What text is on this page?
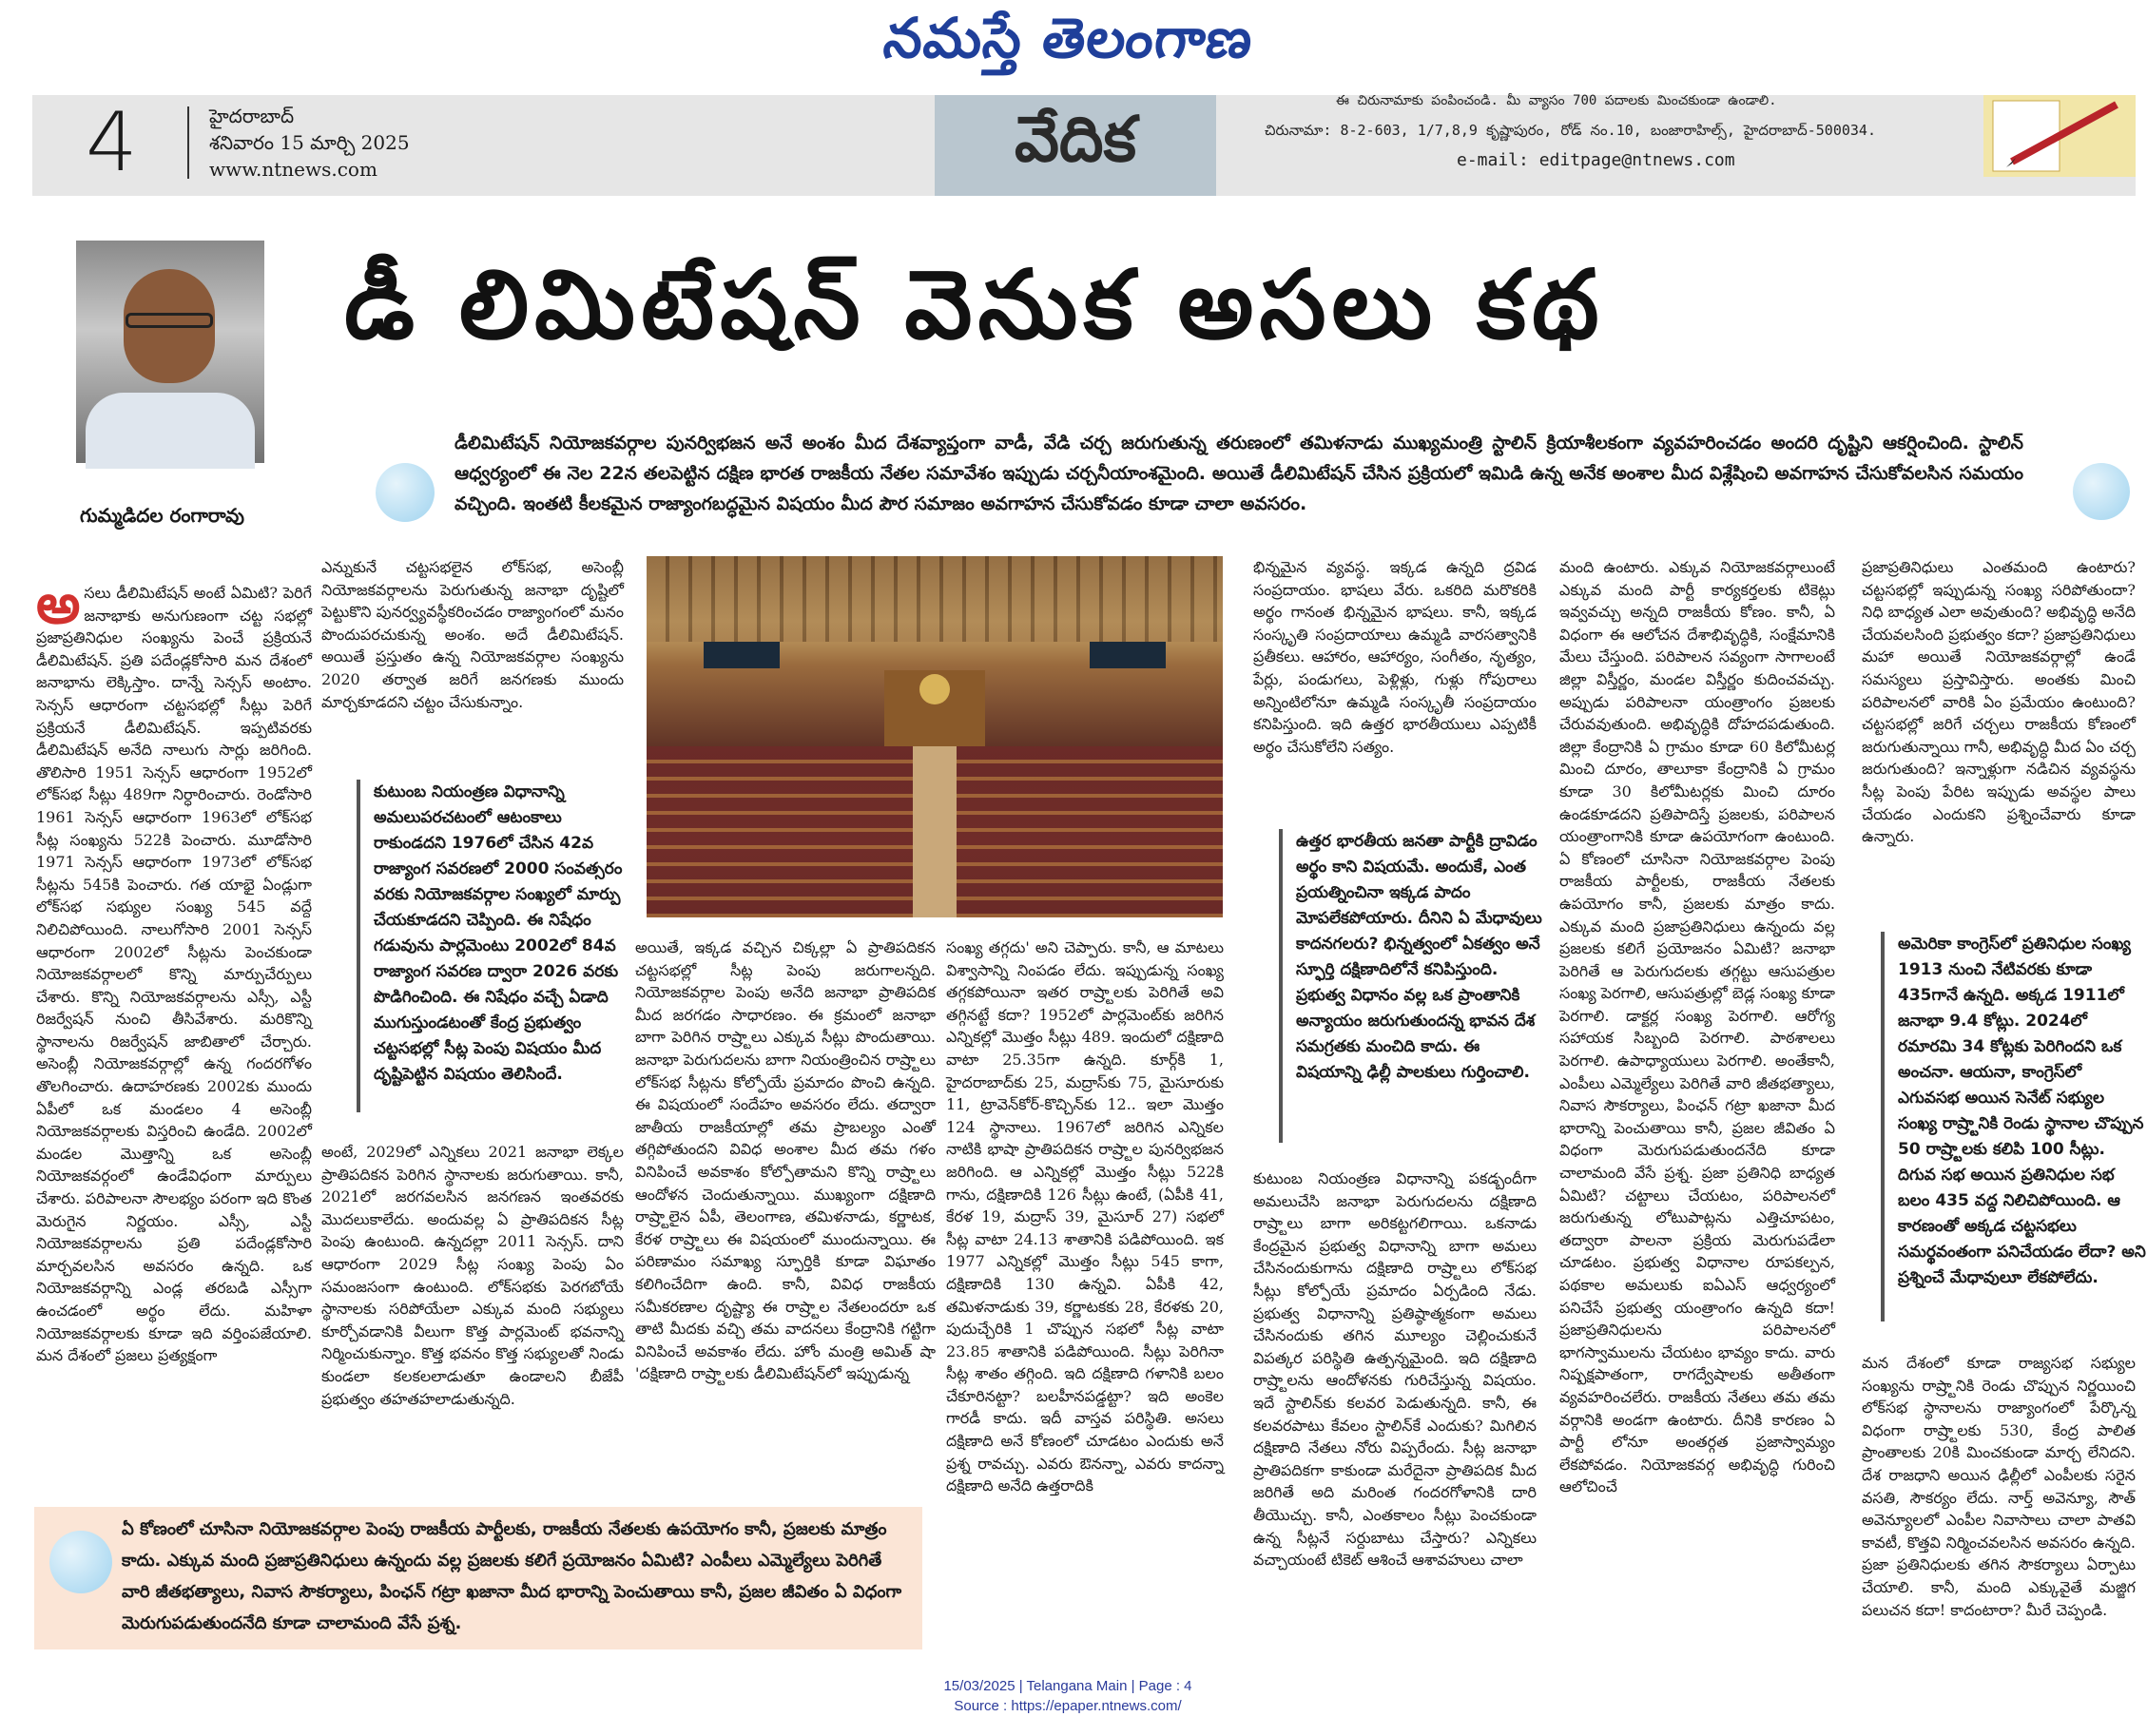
నమస్తే తెలంగాణ
4	హైదరాబాద్
శనివారం 15 మార్చి 2025
www.ntnews.com	వేదిక
ఈ చిరునామాకు పంపించండి. మీ వ్యాసం 700 పదాలకు మించకుండా ఉండాలి.
చిరునామా: 8-2-603, 1/7,8,9 కృష్ణాపురం, రోడ్ నం.10, బంజారాహిల్స్, హైదరాబాద్-500034.
e-mail: editpage@ntnews.com
గుమ్మడిదల రంగారావు
డీ లిమిటేషన్ వెనుక అసలు కథ
డీలిమిటేషన్ నియోజకవర్గాల పునర్విభజన అనే అంశం మీద దేశవ్యాప్తంగా వాడీ, వేడి చర్చ జరుగుతున్న తరుణంలో తమిళనాడు ముఖ్యమంత్రి స్టాలిన్ క్రియాశీలకంగా వ్యవహరించడం అందరి దృష్టిని ఆకర్షించింది. స్టాలిన్ ఆధ్వర్యంలో ఈ నెల 22న తలపెట్టిన దక్షిణ భారత రాజకీయ నేతల సమావేశం ఇప్పుడు చర్చనీయాంశమైంది. అయితే డీలిమిటేషన్ చేసిన ప్రక్రియలో ఇమిడి ఉన్న అనేక అంశాల మీద విశ్లేషించి అవగాహన చేసుకోవలసిన సమయం వచ్చింది. ఇంతటి కీలకమైన రాజ్యాంగబద్ధమైన విషయం మీద పౌర సమాజం అవగాహన చేసుకోవడం కూడా చాలా అవసరం.

అసలు డీలిమిటేషన్ అంటే ఏమిటి? పెరిగే జనాభాకు అనుగుణంగా చట్ట సభల్లో ప్రజాప్రతినిధుల సంఖ్యను పెంచే ప్రక్రియనే డీలిమిటేషన్. ప్రతి పదేండ్లకోసారి మన దేశంలో జనాభాను లెక్కిస్తాం. దాన్నే సెన్సస్ అంటాం. సెన్సస్ ఆధారంగా చట్టసభల్లో సీట్లు పెరిగే ప్రక్రియనే డీలిమిటేషన్. ఇప్పటివరకు డీలిమిటేషన్ అనేది నాలుగు సార్లు జరిగింది. తొలిసారి 1951 సెన్సస్ ఆధారంగా 1952లో లోక్‌సభ సీట్లు 489గా నిర్ధారించారు. రెండోసారి 1961 సెన్సస్ ఆధారంగా 1963లో లోక్‌సభ సీట్ల సంఖ్యను 522కి పెంచారు. మూడోసారి 1971 సెన్సస్ ఆధారంగా 1973లో లోక్‌సభ సీట్లను 545కి పెంచారు. గత యాభై ఏండ్లుగా లోక్‌సభ సభ్యుల సంఖ్య 545 వద్దే నిలిచిపోయింది. నాలుగోసారి 2001 సెన్సస్ ఆధారంగా 2002లో సీట్లను పెంచకుండా నియోజకవర్గాలలో కొన్ని మార్పుచేర్పులు చేశారు. కొన్ని నియోజకవర్గాలను ఎస్సీ, ఎస్టీ రిజర్వేషన్ నుంచి తీసివేశారు. మరికొన్ని స్థానాలను రిజర్వేషన్ జాబితాలో చేర్చారు. అసెంబ్లీ నియోజకవర్గాల్లో ఉన్న గందరగోళం తొలగించారు. ఉదాహరణకు 2002కు ముందు ఏపీలో ఒక మండలం 4 అసెంబ్లీ నియోజకవర్గాలకు విస్తరించి ఉండేది. 2002లో మండల మొత్తాన్ని ఒక అసెంబ్లీ నియోజకవర్గంలో ఉండేవిధంగా మార్పులు చేశారు. పరిపాలనా సౌలభ్యం పరంగా ఇది కొంత మెరుగైన నిర్ణయం. ఎస్సీ, ఎస్టీ నియోజకవర్గాలను ప్రతి పదేండ్లకోసారి మార్చవలసిన అవసరం ఉన్నది. ఒక నియోజకవర్గాన్ని ఎండ్ల తరబడి ఎస్సీగా ఉంచడంలో అర్థం లేదు. మహిళా నియోజకవర్గాలకు కూడా ఇది వర్తింపజేయాలి. మన దేశంలో ప్రజలు ప్రత్యక్షంగా

ఎన్నుకునే చట్టసభలైన లోక్‌సభ, అసెంబ్లీ నియోజకవర్గాలను పెరుగుతున్న జనాభా దృష్టిలో పెట్టుకొని పునర్వ్యవస్థీకరించడం రాజ్యాంగంలో మనం పొందుపరచుకున్న అంశం. అదే డీలిమిటేషన్. అయితే ప్రస్తుతం ఉన్న నియోజకవర్గాల సంఖ్యను 2020 తర్వాత జరిగే జనగణకు ముందు మార్చకూడదని చట్టం చేసుకున్నాం.

కుటుంబ నియంత్రణ విధానాన్ని అమలుపరచటంలో ఆటంకాలు రాకుండదని 1976లో చేసిన 42వ రాజ్యాంగ సవరణలో 2000 సంవత్సరం వరకు నియోజకవర్గాల సంఖ్యలో మార్పు చేయకూడదని చెప్పింది. ఈ నిషేధం గడువును పార్లమెంటు 2002లో 84వ రాజ్యాంగ సవరణ ద్వారా 2026 వరకు పొడిగించింది. ఈ నిషేధం వచ్చే ఏడాది ముగుస్తుండటంతో కేంద్ర ప్రభుత్వం చట్టసభల్లో సీట్ల పెంపు విషయం మీద దృష్టిపెట్టిన విషయం తెలిసిందే.

అంటే, 2029లో ఎన్నికలు 2021 జనాభా లెక్కల ప్రాతిపదికన పెరిగిన స్థానాలకు జరుగుతాయి. కానీ, 2021లో జరగవలసిన జనగణన ఇంతవరకు మొదలుకాలేదు. అందువల్ల ఏ ప్రాతిపదికన సీట్ల పెంపు ఉంటుంది. ఉన్నదల్లా 2011 సెన్సస్. దాని ఆధారంగా 2029 సీట్ల సంఖ్య పెంపు ఏం సమంజసంగా ఉంటుంది. లోక్‌సభకు పెరగబోయే స్థానాలకు సరిపోయేలా ఎక్కువ మంది సభ్యులు కూర్చోవడానికి వీలుగా కొత్త పార్లమెంట్ భవనాన్ని నిర్మించుకున్నాం. కొత్త భవనం కొత్త సభ్యులతో నిండు కుండలా కలకలలాడుతూ ఉండాలని బీజేపీ ప్రభుత్వం తహతహలాడుతున్నది.

అయితే, ఇక్కడ వచ్చిన చిక్కల్లా ఏ ప్రాతిపదికన చట్టసభల్లో సీట్ల పెంపు జరుగాలన్నది. నియోజకవర్గాల పెంపు అనేది జనాభా ప్రాతిపదిక మీద జరగడం సాధారణం. ఈ క్రమంలో జనాభా బాగా పెరిగిన రాష్ర్టాలు ఎక్కువ సీట్లు పొందుతాయి. జనాభా పెరుగుదలను బాగా నియంత్రించిన రాష్ర్టాలు లోక్‌సభ సీట్లను కోల్పోయే ప్రమాదం పొంచి ఉన్నది. ఈ విషయంలో సందేహం అవసరం లేదు. తద్వారా జాతీయ రాజకీయాల్లో తమ ప్రాబల్యం ఎంతో తగ్గిపోతుందని వివిధ అంశాల మీద తమ గళం వినిపించే అవకాశం కోల్పోతామని కొన్ని రాష్ర్టాలు ఆందోళన చెందుతున్నాయి. ముఖ్యంగా దక్షిణాది రాష్ర్టాలైన ఏపీ, తెలంగాణ, తమిళనాడు, కర్ణాటక, కేరళ రాష్ర్టాలు ఈ విషయంలో ముందున్నాయి. ఈ పరిణామం సమాఖ్య స్ఫూర్తికి కూడా విఘాతం కలిగించేదిగా ఉంది. కానీ, వివిధ రాజకీయ సమీకరణాల దృష్ట్యా ఈ రాష్ర్టాల నేతలందరూ ఒక తాటి మీదకు వచ్చి తమ వాదనలు కేంద్రానికి గట్టిగా వినిపించే అవకాశం లేదు. హోం మంత్రి అమిత్ షా 'దక్షిణాది రాష్ర్టాలకు డీలిమిటేషన్‌లో ఇప్పుడున్న

సంఖ్య తగ్గదు' అని చెప్పారు. కానీ, ఆ మాటలు విశ్వాసాన్ని నింపడం లేదు. ఇప్పుడున్న సంఖ్య తగ్గకపోయినా ఇతర రాష్ర్టాలకు పెరిగితే అవి తగ్గినట్టే కదా? 1952లో పార్లమెంట్‌కు జరిగిన ఎన్నికల్లో మొత్తం సీట్లు 489. ఇందులో దక్షిణాది వాటా 25.35గా ఉన్నది. కూర్గ్‌కి 1, హైదరాబాద్‌కు 25, మద్రాస్‌కు 75, మైసూరుకు 11, ట్రావెన్‌కోర్-కొచ్చిన్‌కు 12.. ఇలా మొత్తం 124 స్థానాలు. 1967లో జరిగిన ఎన్నికల నాటికి భాషా ప్రాతిపదికన రాష్ర్టాల పునర్విభజన జరిగింది. ఆ ఎన్నికల్లో మొత్తం సీట్లు 522కి గాను, దక్షిణాదికి 126 సీట్లు ఉంటే, (ఏపీకి 41, కేరళ 19, మద్రాస్ 39, మైసూర్ 27) సభలో సీట్ల వాటా 24.13 శాతానికి పడిపోయింది. ఇక 1977 ఎన్నికల్లో మొత్తం సీట్లు 545 కాగా, దక్షిణాదికి 130 ఉన్నవి. ఏపీకి 42, తమిళనాడుకు 39, కర్ణాటకకు 28, కేరళకు 20, పుదుచ్చేరికి 1 చొప్పున సభలో సీట్ల వాటా 23.85 శాతానికి పడిపోయింది. సీట్లు పెరిగినా సీట్ల శాతం తగ్గింది. ఇది దక్షిణాది గళానికి బలం చేకూరినట్టా? బలహీనపడ్డట్టా? ఇది అంకెల గారడీ కాదు. ఇదీ వాస్తవ పరిస్థితి. అసలు దక్షిణాది అనే కోణంలో చూడటం ఎందుకు అనే ప్రశ్న రావచ్చు. ఎవరు ఔనన్నా, ఎవరు కాదన్నా దక్షిణాది అనేది ఉత్తరాదికి

భిన్నమైన వ్యవస్థ. ఇక్కడ ఉన్నది ద్రవిడ సంప్రదాయం. భాషలు వేరు. ఒకరిది మరొకరికి అర్థం గానంత భిన్నమైన భాషలు. కానీ, ఇక్కడ సంస్కృతి సంప్రదాయాలు ఉమ్మడి వారసత్వానికి ప్రతీకలు. ఆహారం, ఆహార్యం, సంగీతం, నృత్యం, పేర్లు, పండుగలు, పెళ్లిళ్లు, గుళ్లు గోపురాలు అన్నింటిలోనూ ఉమ్మడి సంస్కృతీ సంప్రదాయం కనిపిస్తుంది. ఇది ఉత్తర భారతీయులు ఎప్పటికీ అర్థం చేసుకోలేని సత్యం.

ఉత్తర భారతీయ జనతా పార్టీకి ద్రావిడం అర్థం కాని విషయమే. అందుకే, ఎంత ప్రయత్నించినా ఇక్కడ పాదం మోపలేకపోయారు. దీనిని ఏ మేధావులు కాదనగలరు? భిన్నత్వంలో ఏకత్వం అనే స్ఫూర్తి దక్షిణాదిలోనే కనిపిస్తుంది. ప్రభుత్వ విధానం వల్ల ఒక ప్రాంతానికి అన్యాయం జరుగుతుందన్న భావన దేశ సమగ్రతకు మంచిది కాదు. ఈ విషయాన్ని ఢిల్లీ పాలకులు గుర్తించాలి.

కుటుంబ నియంత్రణ విధానాన్ని పకడ్బందీగా అమలుచేసి జనాభా పెరుగుదలను దక్షిణాది రాష్ర్టాలు బాగా అరికట్టగలిగాయి. ఒకనాడు కేంద్రమైన ప్రభుత్వ విధానాన్ని బాగా అమలు చేసినందుకుగాను దక్షిణాది రాష్ర్టాలు లోక్‌సభ సీట్లు కోల్పోయే ప్రమాదం ఏర్పడింది నేడు. ప్రభుత్వ విధానాన్ని ప్రతిష్ఠాత్మకంగా అమలు చేసినందుకు తగిన మూల్యం చెల్లించుకునే విపత్కర పరిస్థితి ఉత్పన్నమైంది. ఇది దక్షిణాది రాష్ర్టాలను ఆందోళనకు గురిచేస్తున్న విషయం. ఇదే స్టాలిన్‌కు కలవర పెడుతున్నది. కానీ, ఈ కలవరపాటు కేవలం స్టాలిన్‌కే ఎందుకు? మిగిలిన దక్షిణాది నేతలు నోరు విప్పరేందు. సీట్ల జనాభా ప్రాతిపదికగా కాకుండా మరేదైనా ప్రాతిపదిక మీద జరిగితే అది మరింత గందరగోళానికి దారి తీయొచ్చు. కానీ, ఎంతకాలం సీట్లు పెంచకుండా ఉన్న సీట్లనే సర్దుబాటు చేస్తారు? ఎన్నికలు వచ్చాయంటే టికెట్ ఆశించే ఆశావహులు చాలా

మంది ఉంటారు. ఎక్కువ నియోజకవర్గాలుంటే ఎక్కువ మంది పార్టీ కార్యకర్తలకు టికెట్లు ఇవ్వవచ్చు అన్నది రాజకీయ కోణం. కానీ, ఏ విధంగా ఈ ఆలోచన దేశాభివృద్ధికి, సంక్షేమానికి మేలు చేస్తుంది. పరిపాలన సవ్యంగా సాగాలంటే జిల్లా విస్తీర్ణం, మండల విస్తీర్ణం కుదించవచ్చు. అప్పుడు పరిపాలనా యంత్రాంగం ప్రజలకు చేరువవుతుంది. అభివృద్ధికి దోహదపడుతుంది. జిల్లా కేంద్రానికి ఏ గ్రామం కూడా 60 కిలోమీటర్ల మించి దూరం, తాలూకా కేంద్రానికి ఏ గ్రామం కూడా 30 కిలోమీటర్లకు మించి దూరం ఉండకూడదని ప్రతిపాదిస్తే ప్రజలకు, పరిపాలన యంత్రాంగానికి కూడా ఉపయోగంగా ఉంటుంది. ఏ కోణంలో చూసినా నియోజకవర్గాల పెంపు రాజకీయ పార్టీలకు, రాజకీయ నేతలకు ఉపయోగం కానీ, ప్రజలకు మాత్రం కాదు. ఎక్కువ మంది ప్రజాప్రతినిధులు ఉన్నందు వల్ల ప్రజలకు కలిగే ప్రయోజనం ఏమిటి? జనాభా పెరిగితే ఆ పెరుగుదలకు తగ్గట్టు ఆసుపత్రుల సంఖ్య పెరగాలి, ఆసుపత్రుల్లో బెడ్ల సంఖ్య కూడా పెరగాలి. డాక్టర్ల సంఖ్య పెరగాలి. ఆరోగ్య సహాయక సిబ్బంది పెరగాలి. పాఠశాలలు పెరగాలి. ఉపాధ్యాయులు పెరగాలి. అంతేకానీ, ఎంపీలు ఎమ్మెల్యేలు పెరిగితే వారి జీతభత్యాలు, నివాస సౌకర్యాలు, పింఛన్ గట్రా ఖజానా మీద భారాన్ని పెంచుతాయి కానీ, ప్రజల జీవితం ఏ విధంగా మెరుగుపడుతుందనేది కూడా చాలామంది వేసే ప్రశ్న. ప్రజా ప్రతినిధి బాధ్యత ఏమిటి? చట్టాలు చేయటం, పరిపాలనలో జరుగుతున్న లోటుపాట్లను ఎత్తిచూపటం, తద్వారా పాలనా ప్రక్రియ మెరుగుపడేలా చూడటం. ప్రభుత్వ విధానాల రూపకల్పన, పథకాల అమలుకు ఐఏఎస్ ఆధ్వర్యంలో పనిచేసే ప్రభుత్వ యంత్రాంగం ఉన్నది కదా! ప్రజాప్రతినిధులను పరిపాలనలో భాగస్వాములను చేయటం భావ్యం కాదు. వారు నిష్పక్షపాతంగా, రాగద్వేషాలకు అతీతంగా వ్యవహరించలేరు. రాజకీయ నేతలు తమ తమ వర్గానికి అండగా ఉంటారు. దీనికి కారణం ఏ పార్టీ లోనూ అంతర్గత ప్రజాస్వామ్యం లేకపోవడం. నియోజకవర్గ అభివృద్ధి గురించి ఆలోచించే

ప్రజాప్రతినిధులు ఎంతమంది ఉంటారు? చట్టసభల్లో ఇప్పుడున్న సంఖ్య సరిపోతుందా? నిధి బాధ్యత ఎలా అవుతుంది? అభివృద్ధి అనేది చేయవలసింది ప్రభుత్వం కదా? ప్రజాప్రతినిధులు మహా అయితే నియోజకవర్గాల్లో ఉండే సమస్యలు ప్రస్తావిస్తారు. అంతకు మించి పరిపాలనలో వారికి ఏం ప్రమేయం ఉంటుంది? చట్టసభల్లో జరిగే చర్చలు రాజకీయ కోణంలో జరుగుతున్నాయి గానీ, అభివృద్ధి మీద ఏం చర్చ జరుగుతుంది? ఇన్నాళ్లుగా నడిచిన వ్యవస్థను సీట్ల పెంపు పేరిట ఇప్పుడు అవస్థల పాలు చేయడం ఎందుకని ప్రశ్నించేవారు కూడా ఉన్నారు.

అమెరికా కాంగ్రెస్‌లో ప్రతినిధుల సంఖ్య 1913 నుంచి నేటివరకు కూడా 435గానే ఉన్నది. అక్కడ 1911లో జనాభా 9.4 కోట్లు. 2024లో రమారమి 34 కోట్లకు పెరిగిందని ఒక అంచనా. ఆయనా, కాంగ్రెస్‌లో ఎగువసభ అయిన సెనేట్ సభ్యుల సంఖ్య రాష్ర్టానికి రెండు స్థానాల చొప్పున 50 రాష్ర్టాలకు కలిపి 100 సీట్లు. దిగువ సభ అయిన ప్రతినిధుల సభ బలం 435 వద్ద నిలిచిపోయింది. ఆ కారణంతో అక్కడ చట్టసభలు సమర్థవంతంగా పనిచేయడం లేదా? అని ప్రశ్నించే మేధావులూ లేకపోలేదు.

మన దేశంలో కూడా రాజ్యసభ సభ్యుల సంఖ్యను రాష్ర్టానికి రెండు చొప్పున నిర్ణయించి లోక్‌సభ స్థానాలను రాజ్యాంగంలో పేర్కొన్న విధంగా రాష్ర్టాలకు 530, కేంద్ర పాలిత ప్రాంతాలకు 20కి మించకుండా మార్చ లేనిదని. దేశ రాజధాని అయిన ఢిల్లీలో ఎంపీలకు సరైన వసతి, సౌకర్యం లేదు. నార్త్ అవెన్యూ, సౌత్ అవెన్యూలలో ఎంపీల నివాసాలు చాలా పాతవి కావటీ, కొత్తవి నిర్మించవలసిన అవసరం ఉన్నది. ప్రజా ప్రతినిధులకు తగిన సౌకర్యాలు ఏర్పాటు చేయాలి. కానీ, మంది ఎక్కువైతే మజ్జిగ పలుచన కదా! కాదంటారా? మీరే చెప్పండి.

ఏ కోణంలో చూసినా నియోజకవర్గాల పెంపు రాజకీయ పార్టీలకు, రాజకీయ నేతలకు ఉపయోగం కానీ, ప్రజలకు మాత్రం కాదు. ఎక్కువ మంది ప్రజాప్రతినిధులు ఉన్నందు వల్ల ప్రజలకు కలిగే ప్రయోజనం ఏమిటి? ఎంపీలు ఎమ్మెల్యేలు పెరిగితే వారి జీతభత్యాలు, నివాస సౌకర్యాలు, పింఛన్ గట్రా ఖజానా మీద భారాన్ని పెంచుతాయి కానీ, ప్రజల జీవితం ఏ విధంగా మెరుగుపడుతుందనేది కూడా చాలామంది వేసే ప్రశ్న.
15/03/2025 | Telangana Main | Page : 4
Source : https://epaper.ntnews.com/
